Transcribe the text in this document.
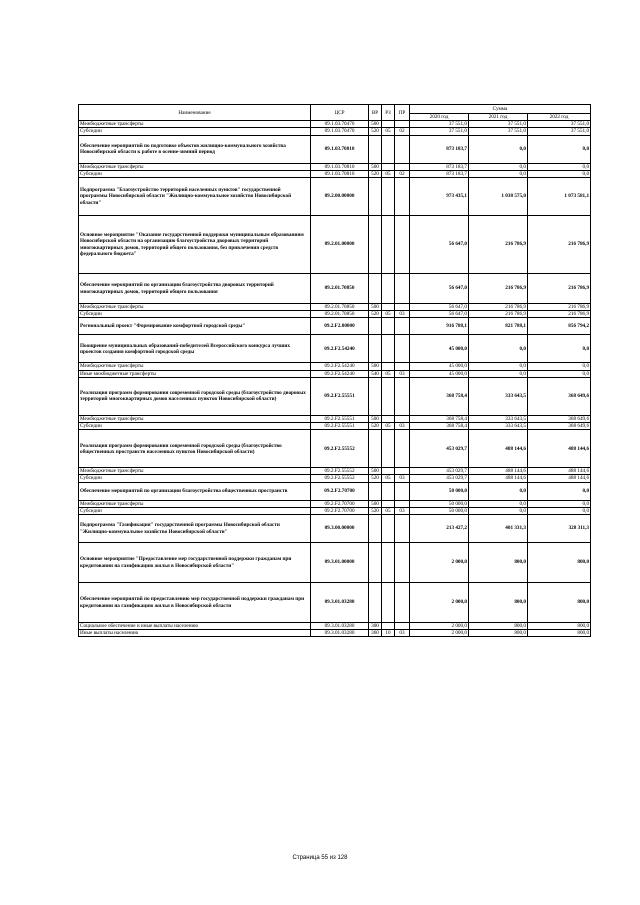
Наименование	ЦСР	ВР	РЗ	ПР	Сумма		
					2020 год	2021 год	2022 год
Межбюджетные трансферты	09.1.03.70470	500			37 551,0	37 551,0	37 551,0
Субсидии	09.1.03.70470	520	05	02	37 551,0	37 551,0	37 551,0
Обеспечение мероприятий по подготовке объектов жилищно-коммунального хозяйства Новосибирской области к работе в осенне-зимний период	09.1.03.70810				873 183,7	0,0	0,0
Межбюджетные трансферты	09.1.03.70810	500			873 183,7	0,0	0,0
Субсидии	09.1.03.70810	520	05	02	873 183,7	0,0	0,0
Подпрограмма "Благоустройство территорий населенных пунктов" государственной программы Новосибирской области "Жилищно-коммунальное хозяйство Новосибирской области"	09.2.00.00000				973 435,1	1 038 575,0	1 073 581,1
Основное мероприятие "Оказание государственной поддержки муниципальным образованиям Новосибирской области на организацию благоустройства дворовых территорий многоквартирных домов, территорий общего пользования, без привлечения средств федерального бюджета"	09.2.01.00000				56 647,0	216 786,9	216 786,9
Обеспечение мероприятий по организации благоустройства дворовых территорий многоквартирных домов, территорий общего пользования	09.2.01.70850				56 647,0	216 786,9	216 786,9
Межбюджетные трансферты	09.2.01.70850	500			56 647,0	216 786,9	216 786,9
Субсидии	09.2.01.70850	520	05	03	56 647,0	216 786,9	216 786,9
Региональный проект "Формирование комфортной городской среды"	09.2.F2.00000				916 788,1	821 788,1	856 794,2
Поощрение муниципальных образований-победителей Всероссийского конкурса лучших проектов создания комфортной городской среды	09.2.F2.54240				45 000,0	0,0	0,0
Межбюджетные трансферты	09.2.F2.54240	500			45 000,0	0,0	0,0
Иные межбюджетные трансферты	09.2.F2.54240	540	05	03	45 000,0	0,0	0,0
Реализация программ формирования современной городской среды (благоустройство дворовых территорий многоквартирных домов населенных пунктов Новосибирской области)	09.2.F2.55551				368 758,4	333 643,5	368 649,6
Межбюджетные трансферты	09.2.F2.55551	500			368 758,4	333 643,5	368 649,6
Субсидии	09.2.F2.55551	520	05	03	368 758,4	333 643,5	368 649,6
Реализация программ формирования современной городской среды (благоустройство общественных пространств населенных пунктов Новосибирской области)	09.2.F2.55552				453 029,7	488 144,6	488 144,6
Межбюджетные трансферты	09.2.F2.55552	500			453 029,7	488 144,6	488 144,6
Субсидии	09.2.F2.55552	520	05	03	453 029,7	488 144,6	488 144,6
Обеспечение мероприятий по организации благоустройства общественных пространств	09.2.F2.70700				50 000,0	0,0	0,0
Межбюджетные трансферты	09.2.F2.70700	500			50 000,0	0,0	0,0
Субсидии	09.2.F2.70700	520	05	03	50 000,0	0,0	0,0
Подпрограмма "Газификация" государственной программы Новосибирской области "Жилищно-коммунальное хозяйство Новосибирской области"	09.3.00.00000				213 427,2	401 331,3	328 311,3
Основное мероприятие "Предоставление мер государственной поддержки гражданам при кредитовании на газификацию жилья в Новосибирской области"	09.3.01.00000				2 000,0	800,0	800,0
Обеспечение мероприятий по предоставлению мер государственной поддержки гражданам при кредитовании на газификацию жилья в Новосибирской области	09.3.01.03280				2 000,0	800,0	800,0
Социальное обеспечение и иные выплаты населению	09.3.01.03280	300			2 000,0	800,0	800,0
Иные выплаты населению	09.3.01.03280	360	10	03	2 000,0	800,0	800,0
Страница 55 из 128
